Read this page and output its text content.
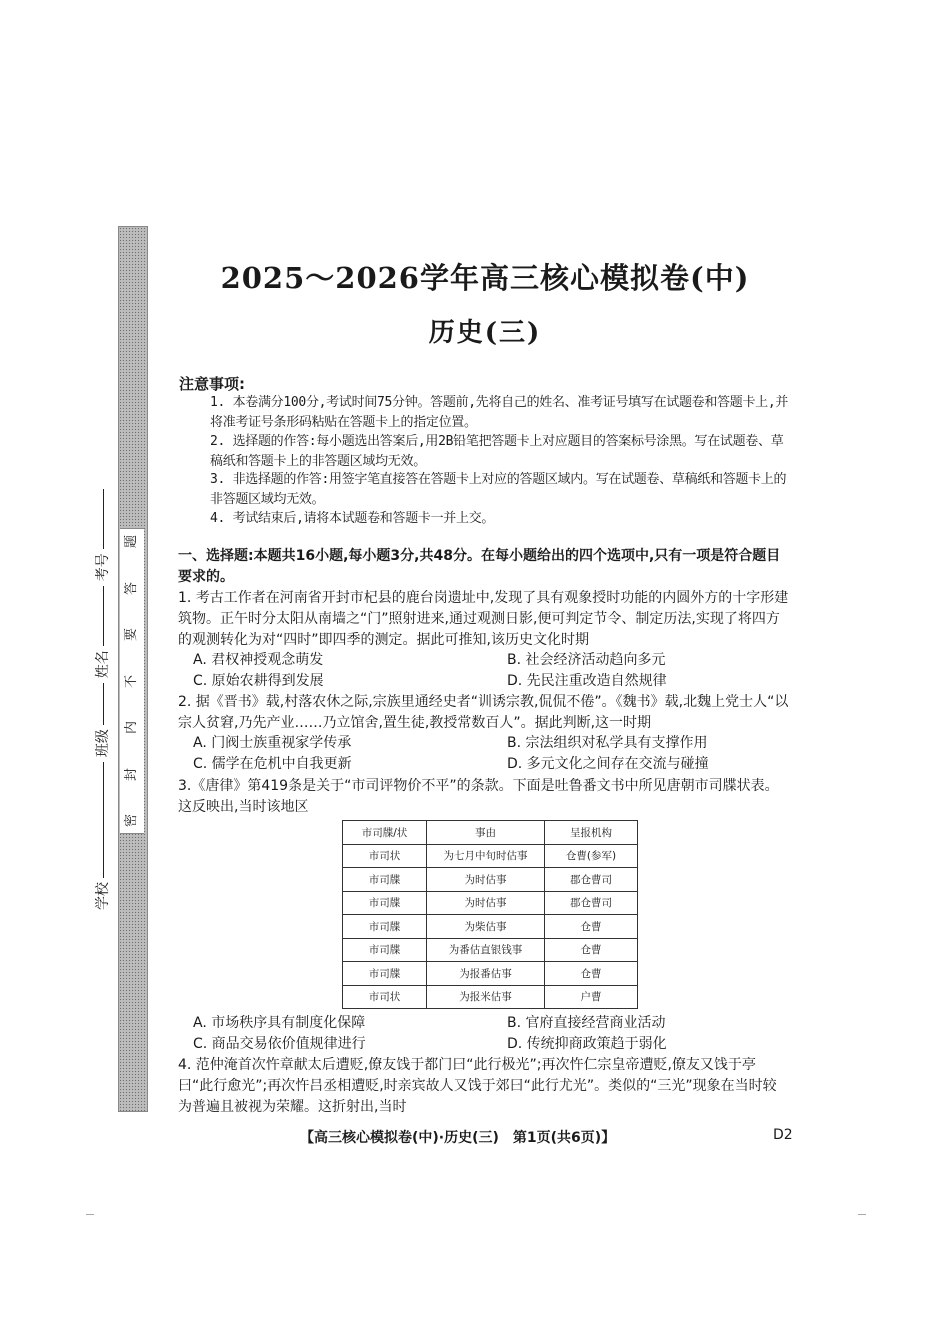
题
答
要
不
内
封
密
学校  班级  姓名  考号
2025～2026学年高三核心模拟卷(中)
历史(三)
注意事项:
1. 本卷满分100分,考试时间75分钟。答题前,先将自己的姓名、准考证号填写在试题卷和答题卡上,并将准考证号条形码粘贴在答题卡上的指定位置。
2. 选择题的作答:每小题选出答案后,用2B铅笔把答题卡上对应题目的答案标号涂黑。写在试题卷、草稿纸和答题卡上的非答题区域均无效。
3. 非选择题的作答:用签字笔直接答在答题卡上对应的答题区域内。写在试题卷、草稿纸和答题卡上的非答题区域均无效。
4. 考试结束后,请将本试题卷和答题卡一并上交。
一、选择题:本题共16小题,每小题3分,共48分。在每小题给出的四个选项中,只有一项是符合题目要求的。
1. 考古工作者在河南省开封市杞县的鹿台岗遗址中,发现了具有观象授时功能的内圆外方的十字形建筑物。正午时分太阳从南墙之“门”照射进来,通过观测日影,便可判定节令、制定历法,实现了将四方的观测转化为对“四时”即四季的测定。据此可推知,该历史文化时期
A. 君权神授观念萌发	B. 社会经济活动趋向多元
C. 原始农耕得到发展	D. 先民注重改造自然规律
2. 据《晋书》载,村落农休之际,宗族里通经史者“训诱宗教,侃侃不倦”。《魏书》载,北魏上党士人“以宗人贫窘,乃先产业……乃立馆舍,置生徒,教授常数百人”。据此判断,这一时期
A. 门阀士族重视家学传承	B. 宗法组织对私学具有支撑作用
C. 儒学在危机中自我更新	D. 多元文化之间存在交流与碰撞
3.《唐律》第419条是关于“市司评物价不平”的条款。下面是吐鲁番文书中所见唐朝市司牒状表。这反映出,当时该地区
市司牒/状	事由	呈报机构
市司状	为七月中旬时估事	仓曹(参军)
市司牒	为时估事	郡仓曹司
市司牒	为时估事	郡仓曹司
市司牒	为柴估事	仓曹
市司牒	为番估直银钱事	仓曹
市司牒	为报番估事	仓曹
市司状	为报米估事	户曹
A. 市场秩序具有制度化保障	B. 官府直接经营商业活动
C. 商品交易依价值规律进行	D. 传统抑商政策趋于弱化
4. 范仲淹首次忤章献太后遭贬,僚友饯于都门曰“此行极光”;再次忤仁宗皇帝遭贬,僚友又饯于亭曰“此行愈光”;再次忤吕丞相遭贬,时亲宾故人又饯于郊曰“此行尤光”。类似的“三光”现象在当时较为普遍且被视为荣耀。这折射出,当时
【高三核心模拟卷(中)·历史(三)　第1页(共6页)】	D2
